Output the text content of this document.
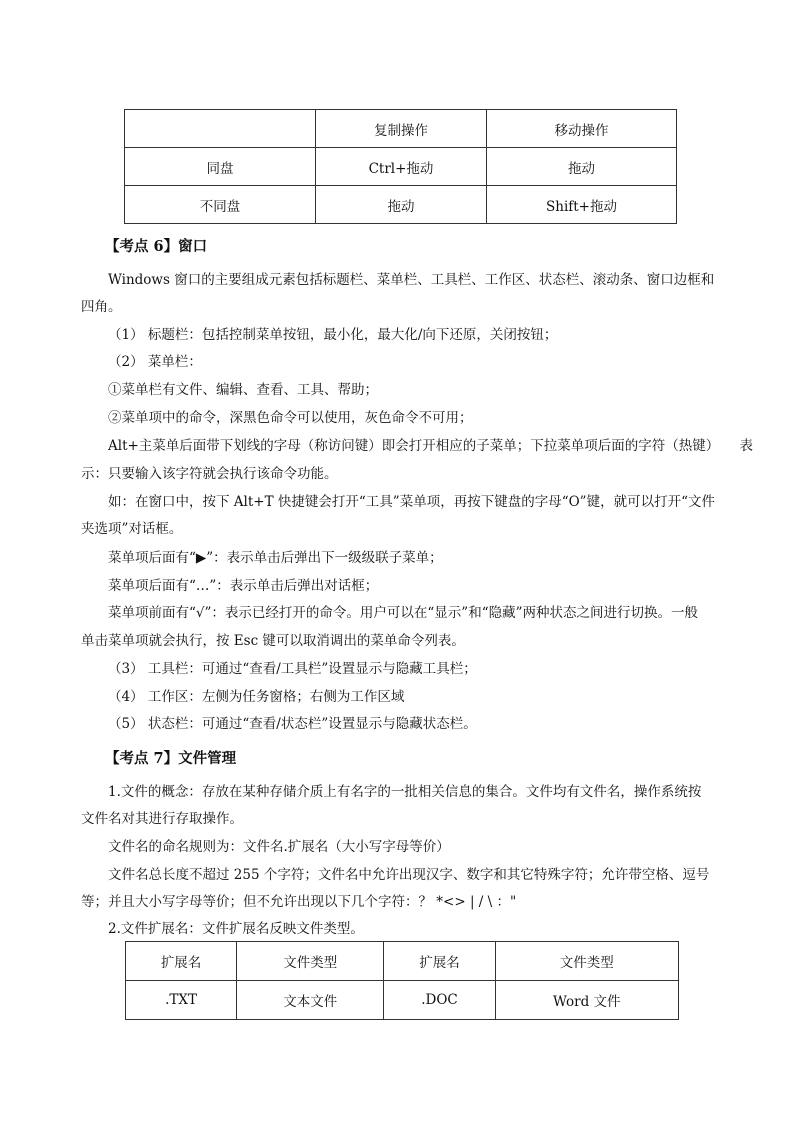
	复制操作	移动操作
同盘	Ctrl+拖动	拖动
不同盘	拖动	Shift+拖动
【考点 6】窗口
Windows 窗口的主要组成元素包括标题栏、菜单栏、工具栏、工作区、状态栏、滚动条、窗口边框和
四角。
（1） 标题栏：包括控制菜单按钮，最小化，最大化/向下还原，关闭按钮；
（2） 菜单栏：
①菜单栏有文件、编辑、查看、工具、帮助；
②菜单项中的命令，深黑色命令可以使用，灰色命令不可用；
Alt+主菜单后面带下划线的字母（称访问键）即会打开相应的子菜单；下拉菜单项后面的字符（热键）　　表
示：只要输入该字符就会执行该命令功能。
如：在窗口中，按下 Alt+T 快捷键会打开“工具”菜单项，再按下键盘的字母“O”键，就可以打开“文件
夹选项”对话框。
菜单项后面有“▶”：表示单击后弹出下一级级联子菜单；
菜单项后面有“…”：表示单击后弹出对话框；
菜单项前面有“√”：表示已经打开的命令。用户可以在“显示”和“隐藏”两种状态之间进行切换。一般
单击菜单项就会执行，按 Esc 键可以取消调出的菜单命令列表。
（3） 工具栏：可通过“查看/工具栏”设置显示与隐藏工具栏；
（4） 工作区：左侧为任务窗格；右侧为工作区域
（5） 状态栏：可通过“查看/状态栏”设置显示与隐藏状态栏。
【考点 7】文件管理
1.文件的概念：存放在某种存储介质上有名字的一批相关信息的集合。文件均有文件名，操作系统按
文件名对其进行存取操作。
文件名的命名规则为：文件名.扩展名（大小写字母等价）
文件名总长度不超过 255 个字符；文件名中允许出现汉字、数字和其它特殊字符；允许带空格、逗号
等；并且大小写字母等价；但不允许出现以下几个字符：？ *<> | / \ ："
2.文件扩展名：文件扩展名反映文件类型。
扩展名	文件类型	扩展名	文件类型
.TXT	文本文件	.DOC	Word 文件
